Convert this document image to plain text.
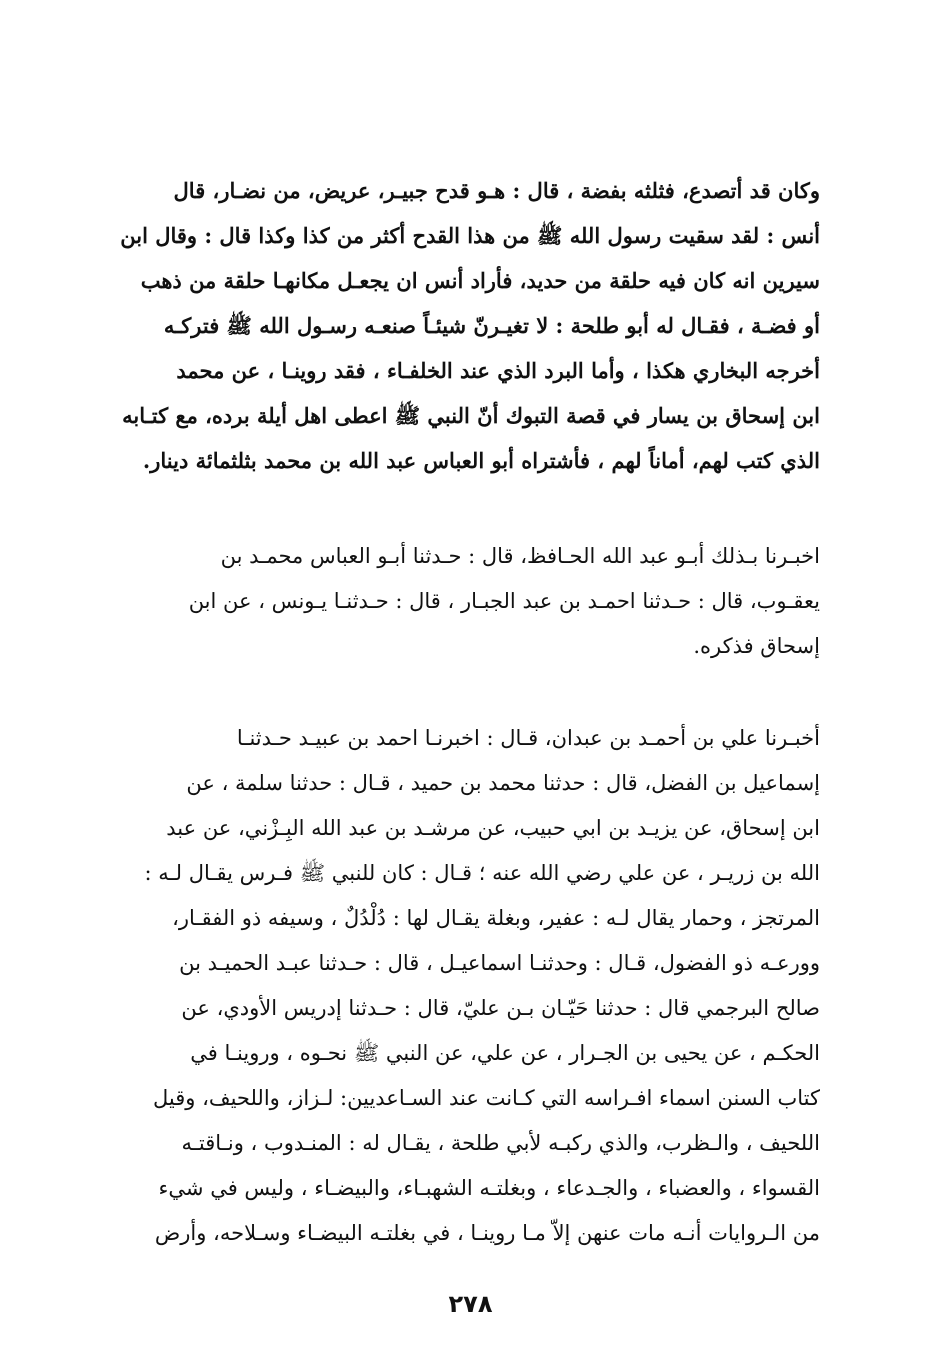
وكان قد أتصدع، فثلثه بفضة ، قال : هـو قدح جبيـر، عريض، من نضـار، قال
أنس : لقد سقيت رسول الله ﷺ من هذا القدح أكثر من كذا وكذا قال : وقال ابن
سيرين انه كان فيه حلقة من حديد، فأراد أنس ان يجعـل مكانهـا حلقة من ذهب
أو فضـة ، فقـال له أبو طلحة : لا تغيـرنّ شيئـاً صنعـه رسـول الله ﷺ فتركـه
أخرجه البخاري هكذا ، وأما البرد الذي عند الخلفـاء ، فقد روينـا ، عن محمد
ابن إسحاق بن يسار في قصة التبوك أنّ النبي ﷺ اعطى اهل أيلة برده، مع كتـابه
الذي كتب لهم، أماناً لهم ، فأشتراه أبو العباس عبد الله بن محمد بثلثمائة دينار.
اخبـرنا بـذلك أبـو عبد الله الحـافظ، قال : حـدثنا أبـو العباس محمـد بن
يعقـوب، قال : حـدثنا احمـد بن عبد الجبـار ، قال : حـدثنـا يـونس ، عن ابن
إسحاق فذكره.
أخبـرنا علي بن أحمـد بن عبدان، قـال : اخبرنـا احمد بن عبيـد حـدثنـا
إسماعيل بن الفضل، قال : حدثنا محمد بن حميد ، قـال : حدثنا سلمة ، عن
ابن إسحاق، عن يزيـد بن ابي حبيب، عن مرشـد بن عبد الله البِـزْني، عن عبد
الله بن زريـر ، عن علي رضي الله عنه ؛ قـال : كان للنبي ﷺ فـرس يقـال لـه :
المرتجز ، وحمار يقال لـه : عفير، وبغلة يقـال لها : دُلْدُلٌ ، وسيفه ذو الفقـار،
وورعـه ذو الفضول، قـال : وحدثنـا اسماعيـل ، قال : حـدثنا عبـد الحميـد بن
صالح البرجمي قال : حدثنا حَيّـان بـن عليّ، قال : حـدثنا إدريس الأودي، عن
الحكـم ، عن يحيى بن الجـرار ، عن علي، عن النبي ﷺ نحـوه ، وروينـا في
كتاب السنن اسماء افـراسه التي كـانت عند السـاعديين: لـزاز، واللحيف، وقيل
اللحيف ، والـظرب، والذي ركبـه لأبي طلحة ، يقـال له : المنـدوب ، ونـاقتـه
القسواء ، والعضباء ، والجـدعاء ، وبغلتـه الشهبـاء، والبيضـاء ، وليس في شيء
من الـروايات أنـه مات عنهن إلاّ مـا روينـا ، في بغلتـه البيضـاء وسـلاحه، وأرض
٢٧٨
